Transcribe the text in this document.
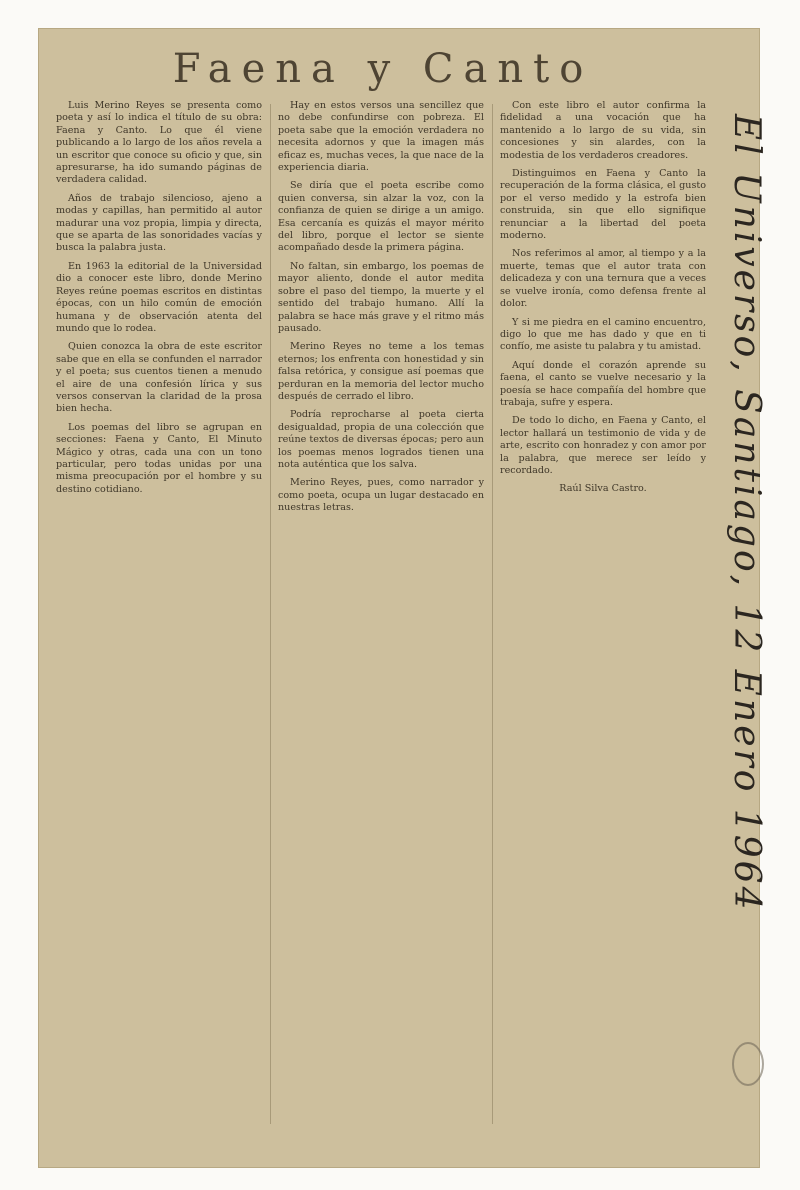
Faena y Canto

Luis Merino Reyes se presenta como poeta y así lo indica el título de su obra: Faena y Canto. Lo que él viene publicando a lo largo de los años revela a un escritor que conoce su oficio y que, sin apresurarse, ha ido sumando páginas de verdadera calidad.

Años de trabajo silencioso, ajeno a modas y capillas, han permitido al autor madurar una voz propia, limpia y directa, que se aparta de las sonoridades vacías y busca la palabra justa.

En 1963 la editorial de la Universidad dio a conocer este libro, donde Merino Reyes reúne poemas escritos en distintas épocas, con un hilo común de emoción humana y de observación atenta del mundo que lo rodea.

Quien conozca la obra de este escritor sabe que en ella se confunden el narrador y el poeta; sus cuentos tienen a menudo el aire de una confesión lírica y sus versos conservan la claridad de la prosa bien hecha.

Los poemas del libro se agrupan en secciones: Faena y Canto, El Minuto Mágico y otras, cada una con un tono particular, pero todas unidas por una misma preocupación por el hombre y su destino cotidiano.

Hay en estos versos una sencillez que no debe confundirse con pobreza. El poeta sabe que la emoción verdadera no necesita adornos y que la imagen más eficaz es, muchas veces, la que nace de la experiencia diaria.

Se diría que el poeta escribe como quien conversa, sin alzar la voz, con la confianza de quien se dirige a un amigo. Esa cercanía es quizás el mayor mérito del libro, porque el lector se siente acompañado desde la primera página.

No faltan, sin embargo, los poemas de mayor aliento, donde el autor medita sobre el paso del tiempo, la muerte y el sentido del trabajo humano. Allí la palabra se hace más grave y el ritmo más pausado.

Merino Reyes no teme a los temas eternos; los enfrenta con honestidad y sin falsa retórica, y consigue así poemas que perduran en la memoria del lector mucho después de cerrado el libro.

Podría reprocharse al poeta cierta desigualdad, propia de una colección que reúne textos de diversas épocas; pero aun los poemas menos logrados tienen una nota auténtica que los salva.

Merino Reyes, pues, como narrador y como poeta, ocupa un lugar destacado en nuestras letras.

Con este libro el autor confirma la fidelidad a una vocación que ha mantenido a lo largo de su vida, sin concesiones y sin alardes, con la modestia de los verdaderos creadores.

Distinguimos en Faena y Canto la recuperación de la forma clásica, el gusto por el verso medido y la estrofa bien construida, sin que ello signifique renunciar a la libertad del poeta moderno.

Nos referimos al amor, al tiempo y a la muerte, temas que el autor trata con delicadeza y con una ternura que a veces se vuelve ironía, como defensa frente al dolor.

Y si me piedra en el camino encuentro, digo lo que me has dado y que en ti confío, me asiste tu palabra y tu amistad.

Aquí donde el corazón aprende su faena, el canto se vuelve necesario y la poesía se hace compañía del hombre que trabaja, sufre y espera.

De todo lo dicho, en Faena y Canto, el lector hallará un testimonio de vida y de arte, escrito con honradez y con amor por la palabra, que merece ser leído y recordado.

Raúl Silva Castro.	El Universo, Santiago, 12 Enero 1964
